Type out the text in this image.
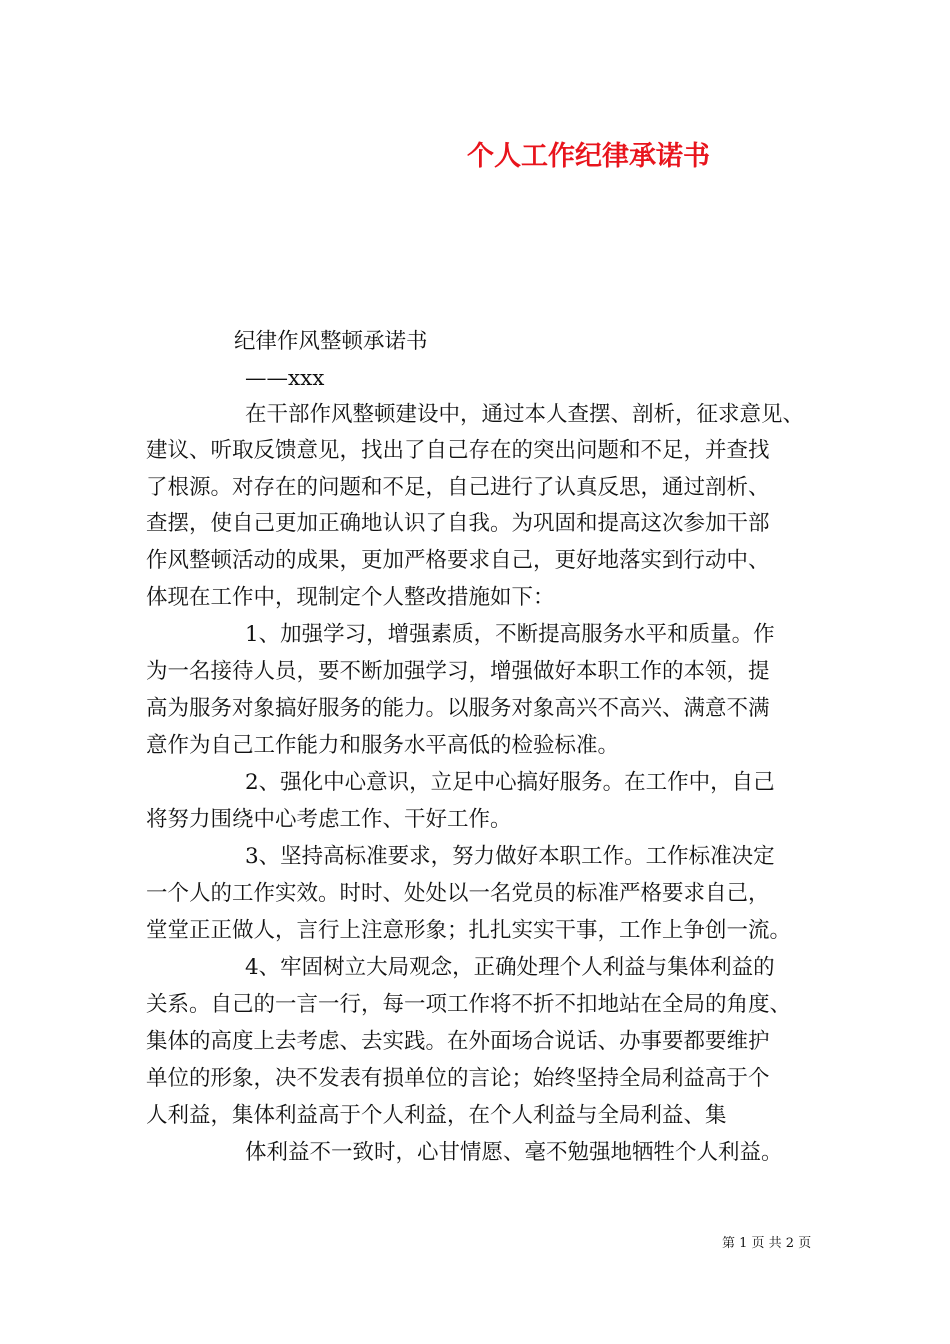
个人工作纪律承诺书
纪律作风整顿承诺书
——xxx
在干部作风整顿建设中，通过本人查摆、剖析，征求意见、
建议、听取反馈意见，找出了自己存在的突出问题和不足，并查找
了根源。对存在的问题和不足，自己进行了认真反思，通过剖析、
查摆，使自己更加正确地认识了自我。为巩固和提高这次参加干部
作风整顿活动的成果，更加严格要求自己，更好地落实到行动中、
体现在工作中，现制定个人整改措施如下：
1、加强学习，增强素质，不断提高服务水平和质量。作
为一名接待人员，要不断加强学习，增强做好本职工作的本领，提
高为服务对象搞好服务的能力。以服务对象高兴不高兴、满意不满
意作为自己工作能力和服务水平高低的检验标准。
2、强化中心意识，立足中心搞好服务。在工作中，自己
将努力围绕中心考虑工作、干好工作。
3、坚持高标准要求，努力做好本职工作。工作标准决定
一个人的工作实效。时时、处处以一名党员的标准严格要求自己，
堂堂正正做人，言行上注意形象；扎扎实实干事，工作上争创一流。
4、牢固树立大局观念，正确处理个人利益与集体利益的
关系。自己的一言一行，每一项工作将不折不扣地站在全局的角度、
集体的高度上去考虑、去实践。在外面场合说话、办事要都要维护
单位的形象，决不发表有损单位的言论；始终坚持全局利益高于个
人利益，集体利益高于个人利益，在个人利益与全局利益、集
体利益不一致时，心甘情愿、毫不勉强地牺牲个人利益。
第 1 页 共 2 页
